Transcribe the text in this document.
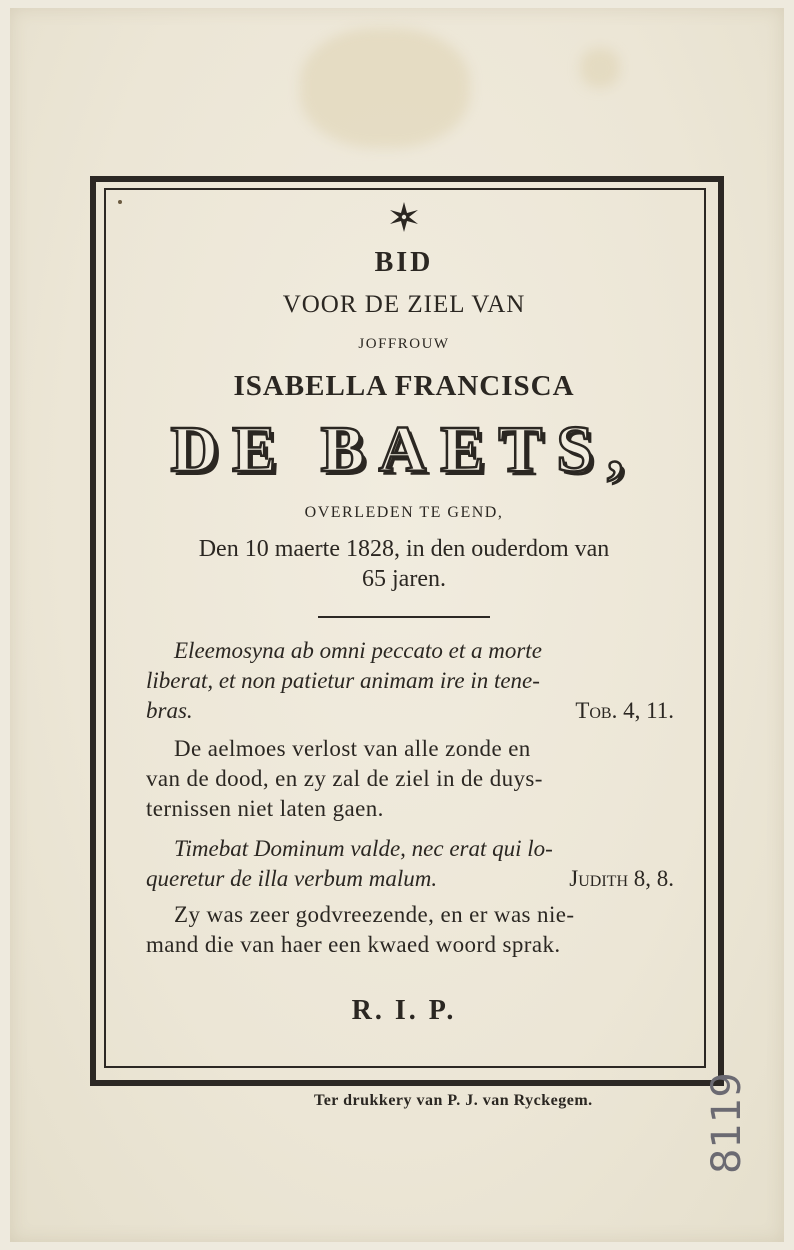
BID
VOOR DE ZIEL VAN
JOFFROUW
ISABELLA FRANCISCA
DE BAETS,
OVERLEDEN TE GEND,
Den 10 maerte 1828, in den ouderdom van
65 jaren.
Eleemosyna ab omni peccato et a morte
liberat, et non patietur animam ire in tene-
bras.	Tob. 4, 11.
De aelmoes verlost van alle zonde en
van de dood, en zy zal de ziel in de duys-
ternissen niet laten gaen.
Timebat Dominum valde, nec erat qui lo-
queretur de illa verbum malum.	Judith 8, 8.
Zy was zeer godvreezende, en er was nie-
mand die van haer een kwaed woord sprak.
R. I. P.
Ter drukkery van P. J. van Ryckegem.	8119
